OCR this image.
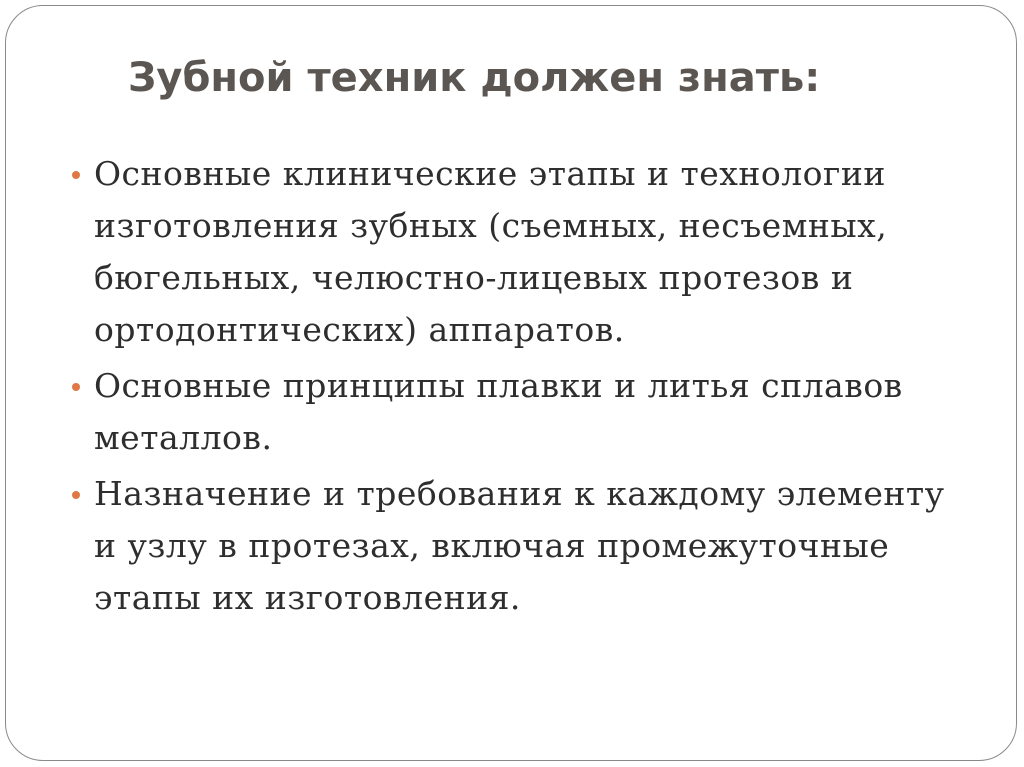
Зубной техник должен знать:
Основные клинические этапы и технологии изготовления зубных (съемных, несъемных, бюгельных, челюстно-лицевых протезов и ортодонтических) аппаратов.
Основные принципы плавки и литья сплавов металлов.
Назначение и требования к каждому элементу и узлу в протезах, включая промежуточные этапы их изготовления.
